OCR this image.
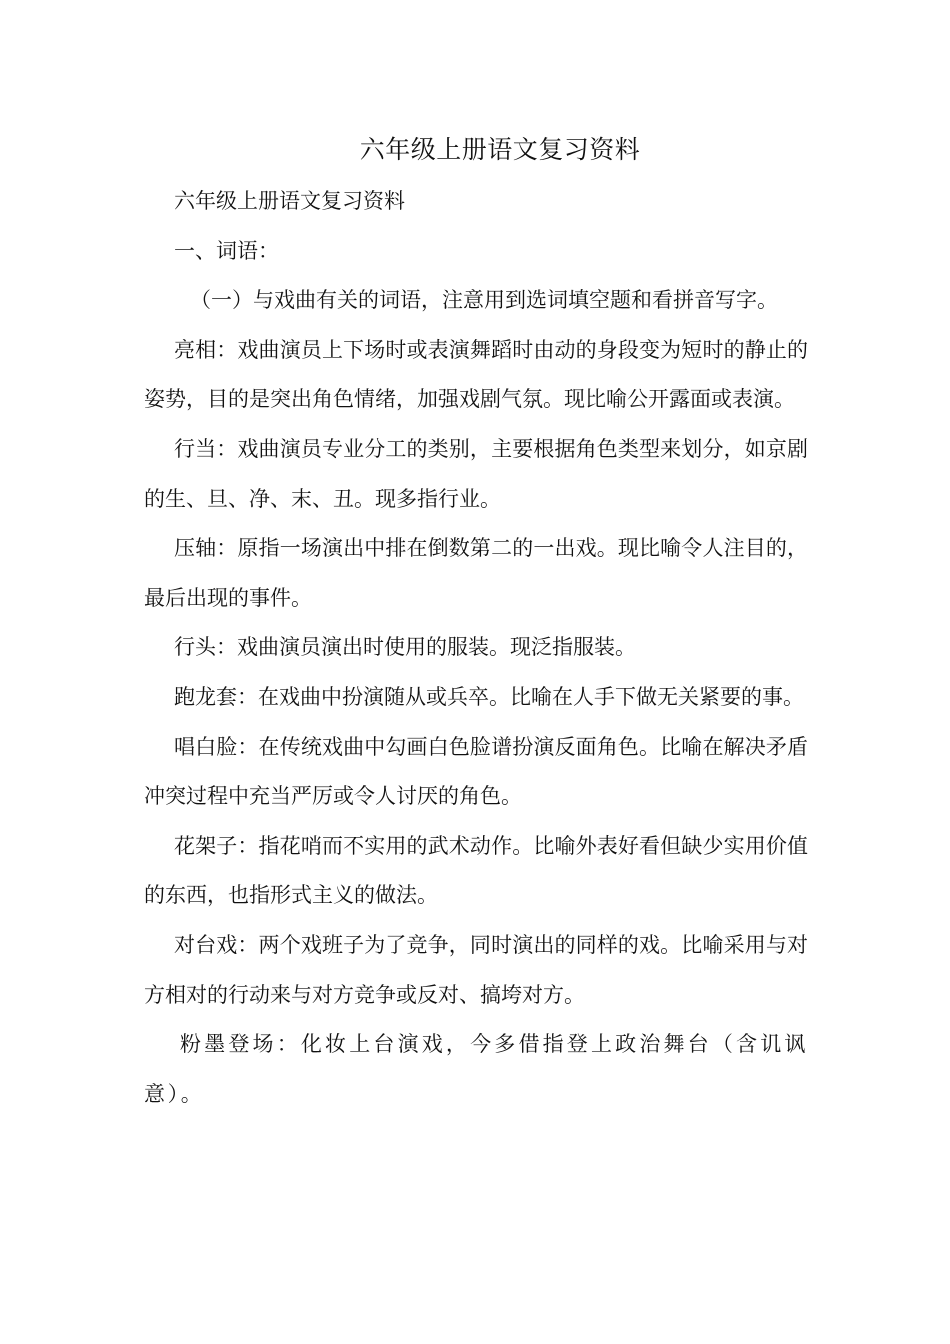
六年级上册语文复习资料

六年级上册语文复习资料

一、词语：

（一）与戏曲有关的词语，注意用到选词填空题和看拼音写字。

亮相：戏曲演员上下场时或表演舞蹈时由动的身段变为短时的静止的姿势，目的是突出角色情绪，加强戏剧气氛。现比喻公开露面或表演。

行当：戏曲演员专业分工的类别，主要根据角色类型来划分，如京剧的生、旦、净、末、丑。现多指行业。

压轴：原指一场演出中排在倒数第二的一出戏。现比喻令人注目的，最后出现的事件。

行头：戏曲演员演出时使用的服装。现泛指服装。

跑龙套：在戏曲中扮演随从或兵卒。比喻在人手下做无关紧要的事。

唱白脸：在传统戏曲中勾画白色脸谱扮演反面角色。比喻在解决矛盾冲突过程中充当严厉或令人讨厌的角色。

花架子：指花哨而不实用的武术动作。比喻外表好看但缺少实用价值的东西，也指形式主义的做法。

对台戏：两个戏班子为了竞争，同时演出的同样的戏。比喻采用与对方相对的行动来与对方竞争或反对、搞垮对方。

粉墨登场：化妆上台演戏，今多借指登上政治舞台（含讥讽意）。
